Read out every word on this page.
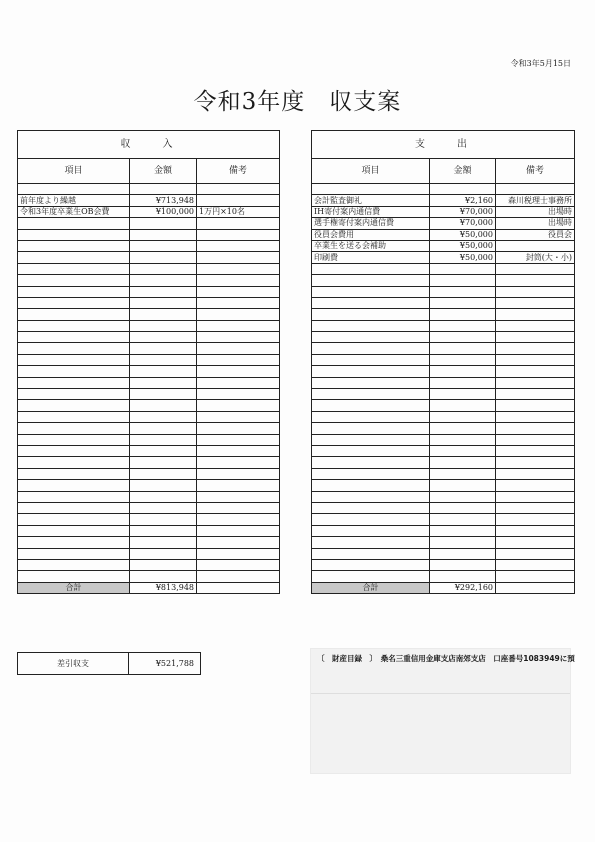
令和3年5月15日
令和3年度　収支案
収　　入		
項目	金額	備考

前年度より繰越	¥713,948	
令和3年度卒業生OB会費	¥100,000	1万円×10名

合計	¥813,948	
支　　出		
項目	金額	備考

会計監査御礼	¥2,160	森川税理士事務所
IH寄付案内通信費	¥70,000	出場時
選手権寄付案内通信費	¥70,000	出場時
役員会費用	¥50,000	役員会
卒業生を送る会補助	¥50,000	
印刷費	¥50,000	封筒(大・小)

合計	¥292,160	
差引収支	¥521,788
〔　財産目録　〕　桑名三重信用金庫支店南郊支店　口座番号1083949に預
